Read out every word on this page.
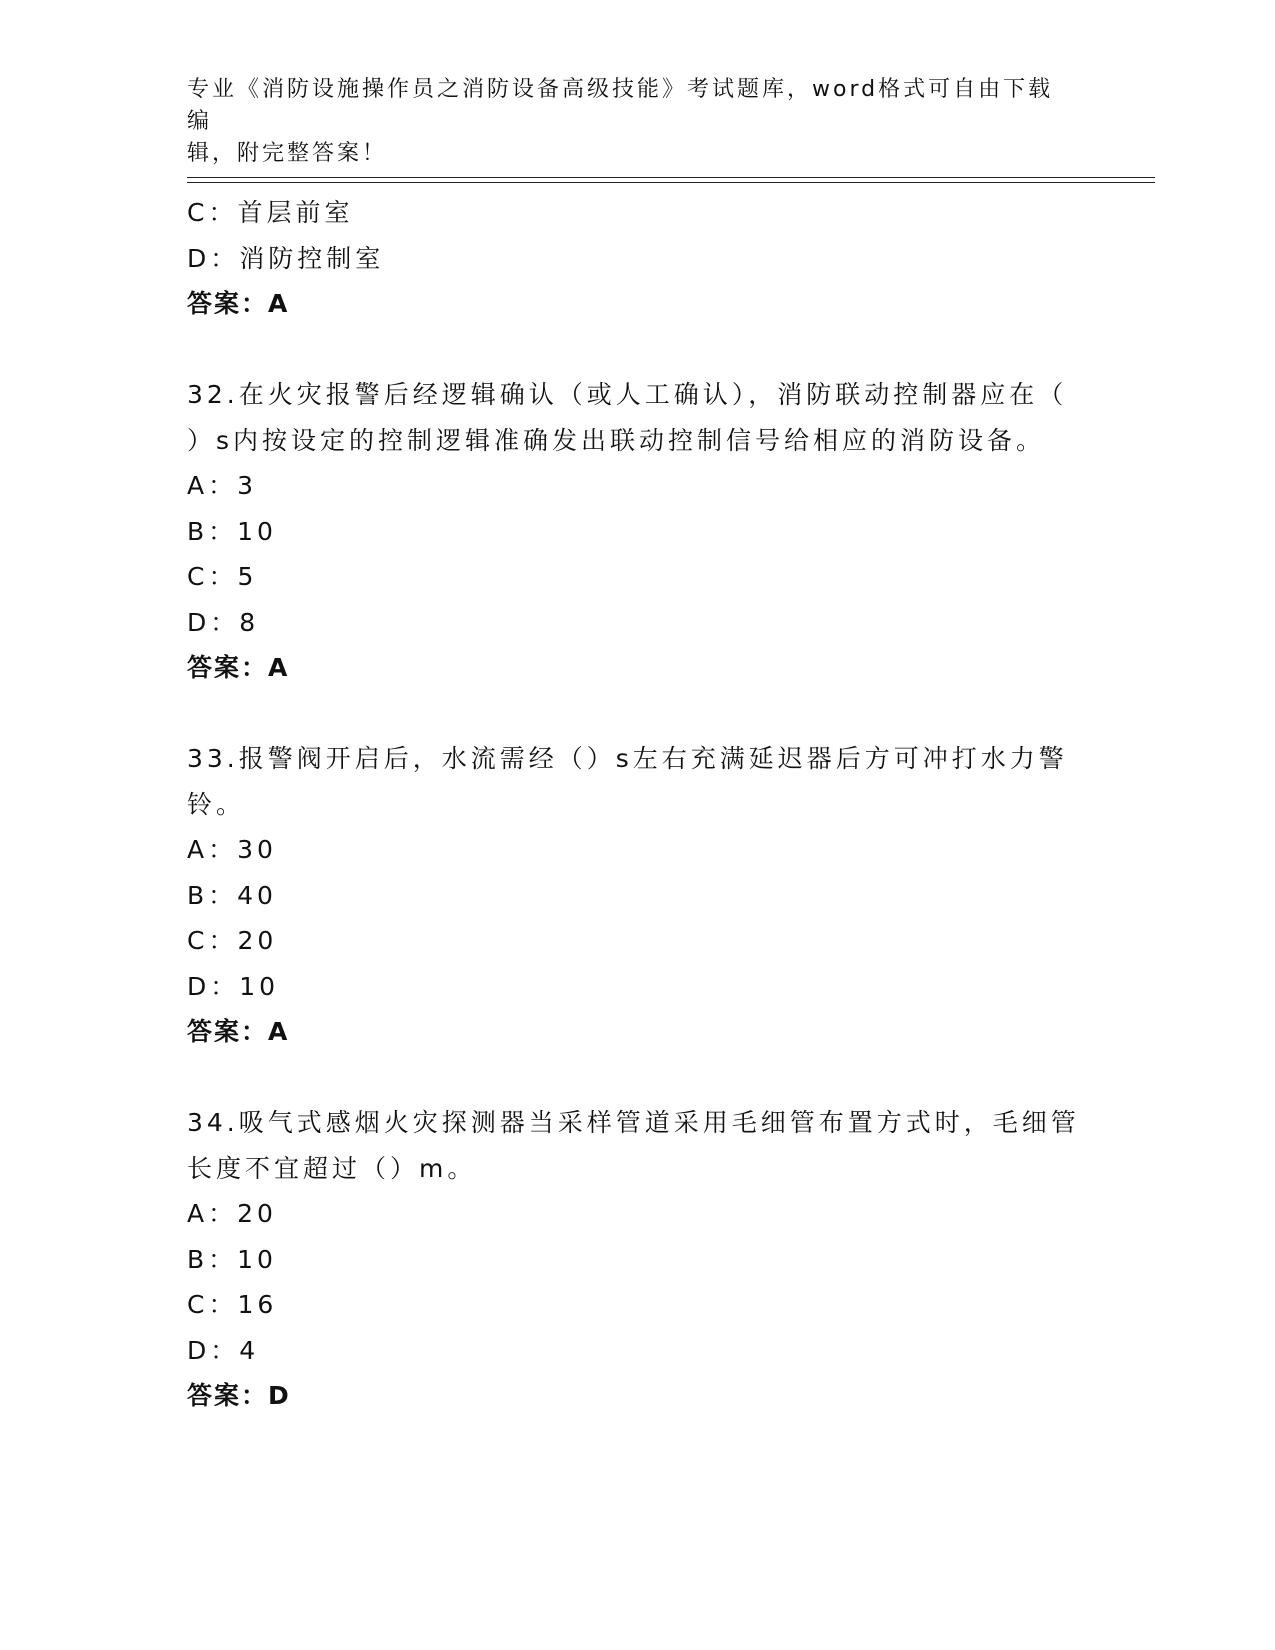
专业《消防设施操作员之消防设备高级技能》考试题库，word格式可自由下载编
辑，附完整答案！
C：首层前室
D：消防控制室
答案：A
32.在火灾报警后经逻辑确认（或人工确认），消防联动控制器应在（
）s内按设定的控制逻辑准确发出联动控制信号给相应的消防设备。
A：3
B：10
C：5
D：8
答案：A
33.报警阀开启后，水流需经（）s左右充满延迟器后方可冲打水力警
铃。
A：30
B：40
C：20
D：10
答案：A
34.吸气式感烟火灾探测器当采样管道采用毛细管布置方式时，毛细管
长度不宜超过（）m。
A：20
B：10
C：16
D：4
答案：D
